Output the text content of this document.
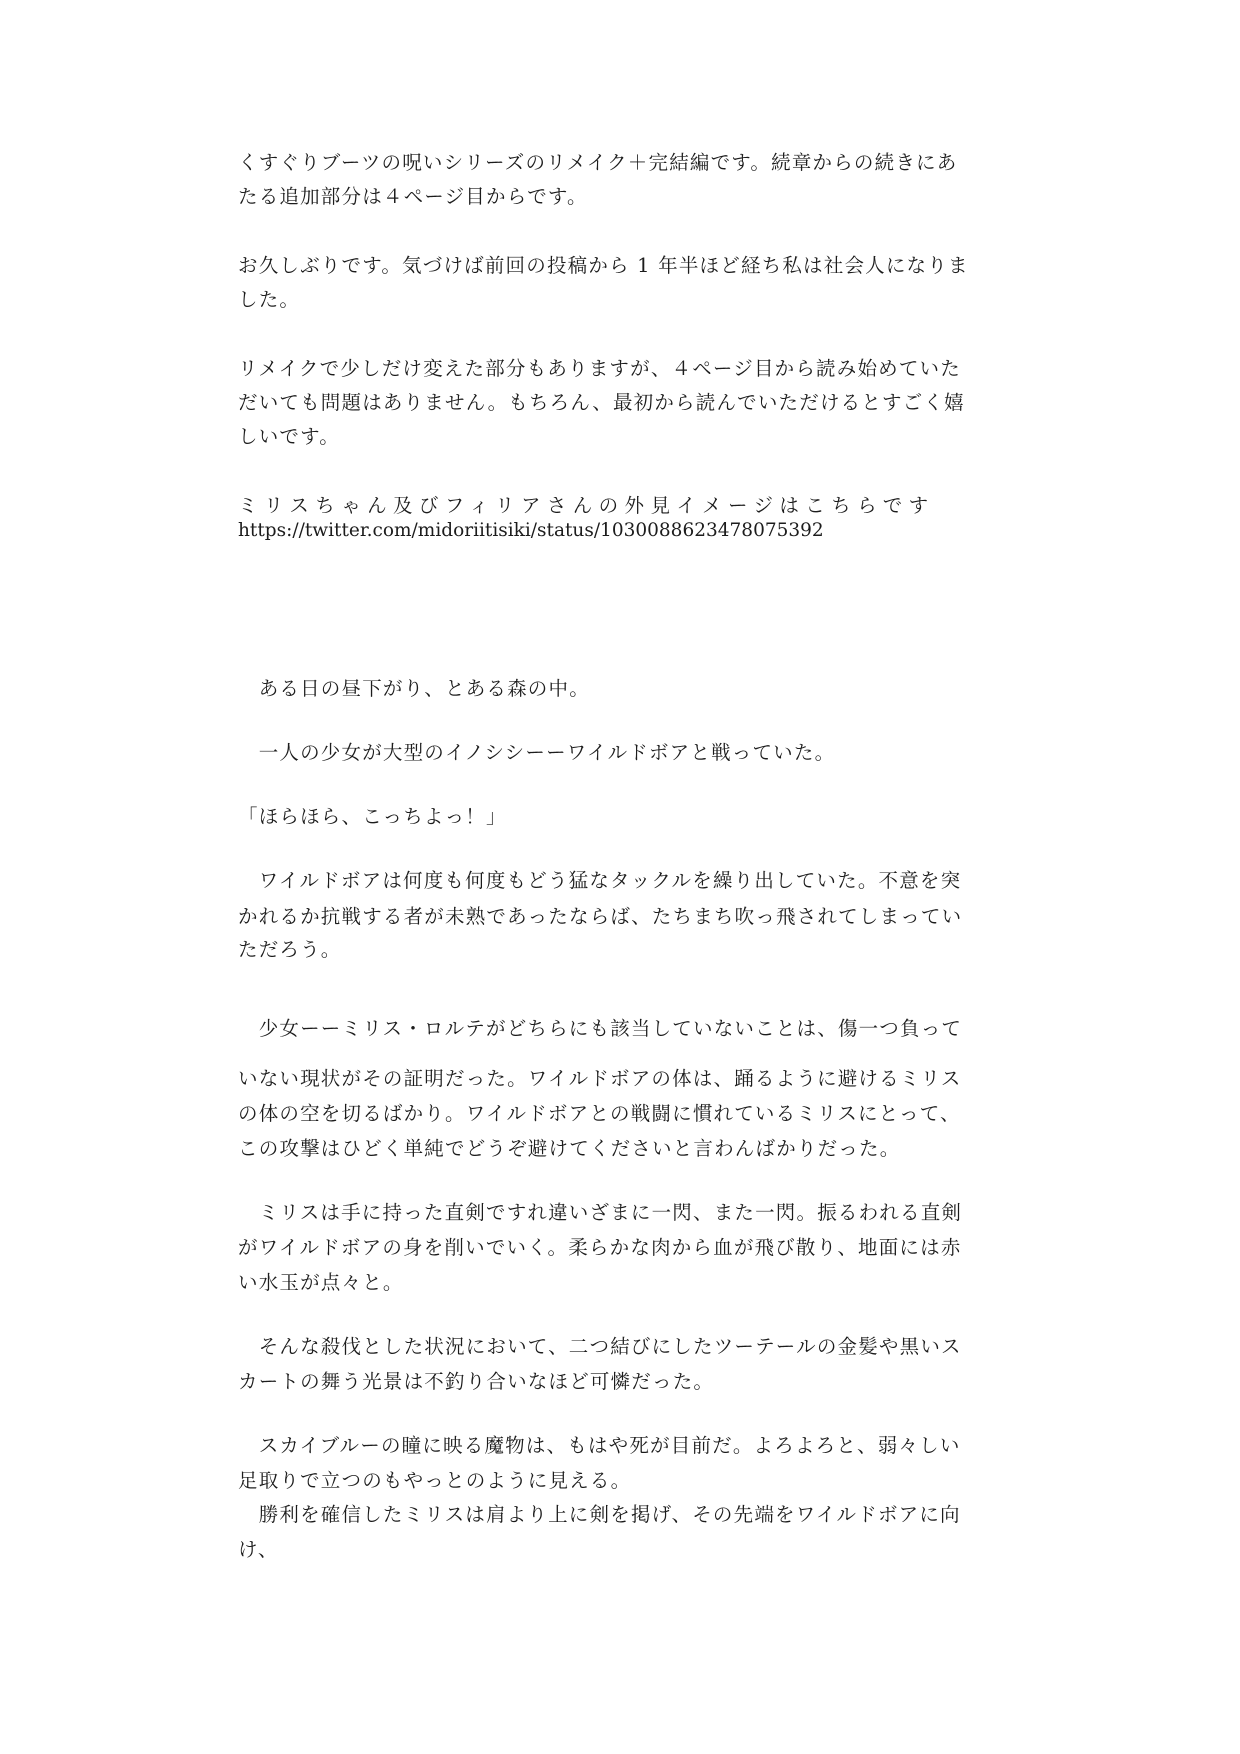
くすぐりブーツの呪いシリーズのリメイク＋完結編です。続章からの続きにあ
たる追加部分は４ページ目からです。
お久しぶりです。気づけば前回の投稿から 1 年半ほど経ち私は社会人になりま
した。
リメイクで少しだけ変えた部分もありますが、４ページ目から読み始めていた
だいても問題はありません。もちろん、最初から読んでいただけるとすごく嬉
しいです。
ミリスちゃん及びフィリアさんの外見イメージはこちらです
https://twitter.com/midoriitisiki/status/1030088623478075392
　ある日の昼下がり、とある森の中。
　一人の少女が大型のイノシシーーワイルドボアと戦っていた。
「ほらほら、こっちよっ！」
　ワイルドボアは何度も何度もどう猛なタックルを繰り出していた。不意を突
かれるか抗戦する者が未熟であったならば、たちまち吹っ飛されてしまってい
ただろう。
　少女ーーミリス・ロルテがどちらにも該当していないことは、傷一つ負って
いない現状がその証明だった。ワイルドボアの体は、踊るように避けるミリス
の体の空を切るばかり。ワイルドボアとの戦闘に慣れているミリスにとって、
この攻撃はひどく単純でどうぞ避けてくださいと言わんばかりだった。
　ミリスは手に持った直剣ですれ違いざまに一閃、また一閃。振るわれる直剣
がワイルドボアの身を削いでいく。柔らかな肉から血が飛び散り、地面には赤
い水玉が点々と。
　そんな殺伐とした状況において、二つ結びにしたツーテールの金髪や黒いス
カートの舞う光景は不釣り合いなほど可憐だった。
　スカイブルーの瞳に映る魔物は、もはや死が目前だ。よろよろと、弱々しい
足取りで立つのもやっとのように見える。
　勝利を確信したミリスは肩より上に剣を掲げ、その先端をワイルドボアに向
け、
